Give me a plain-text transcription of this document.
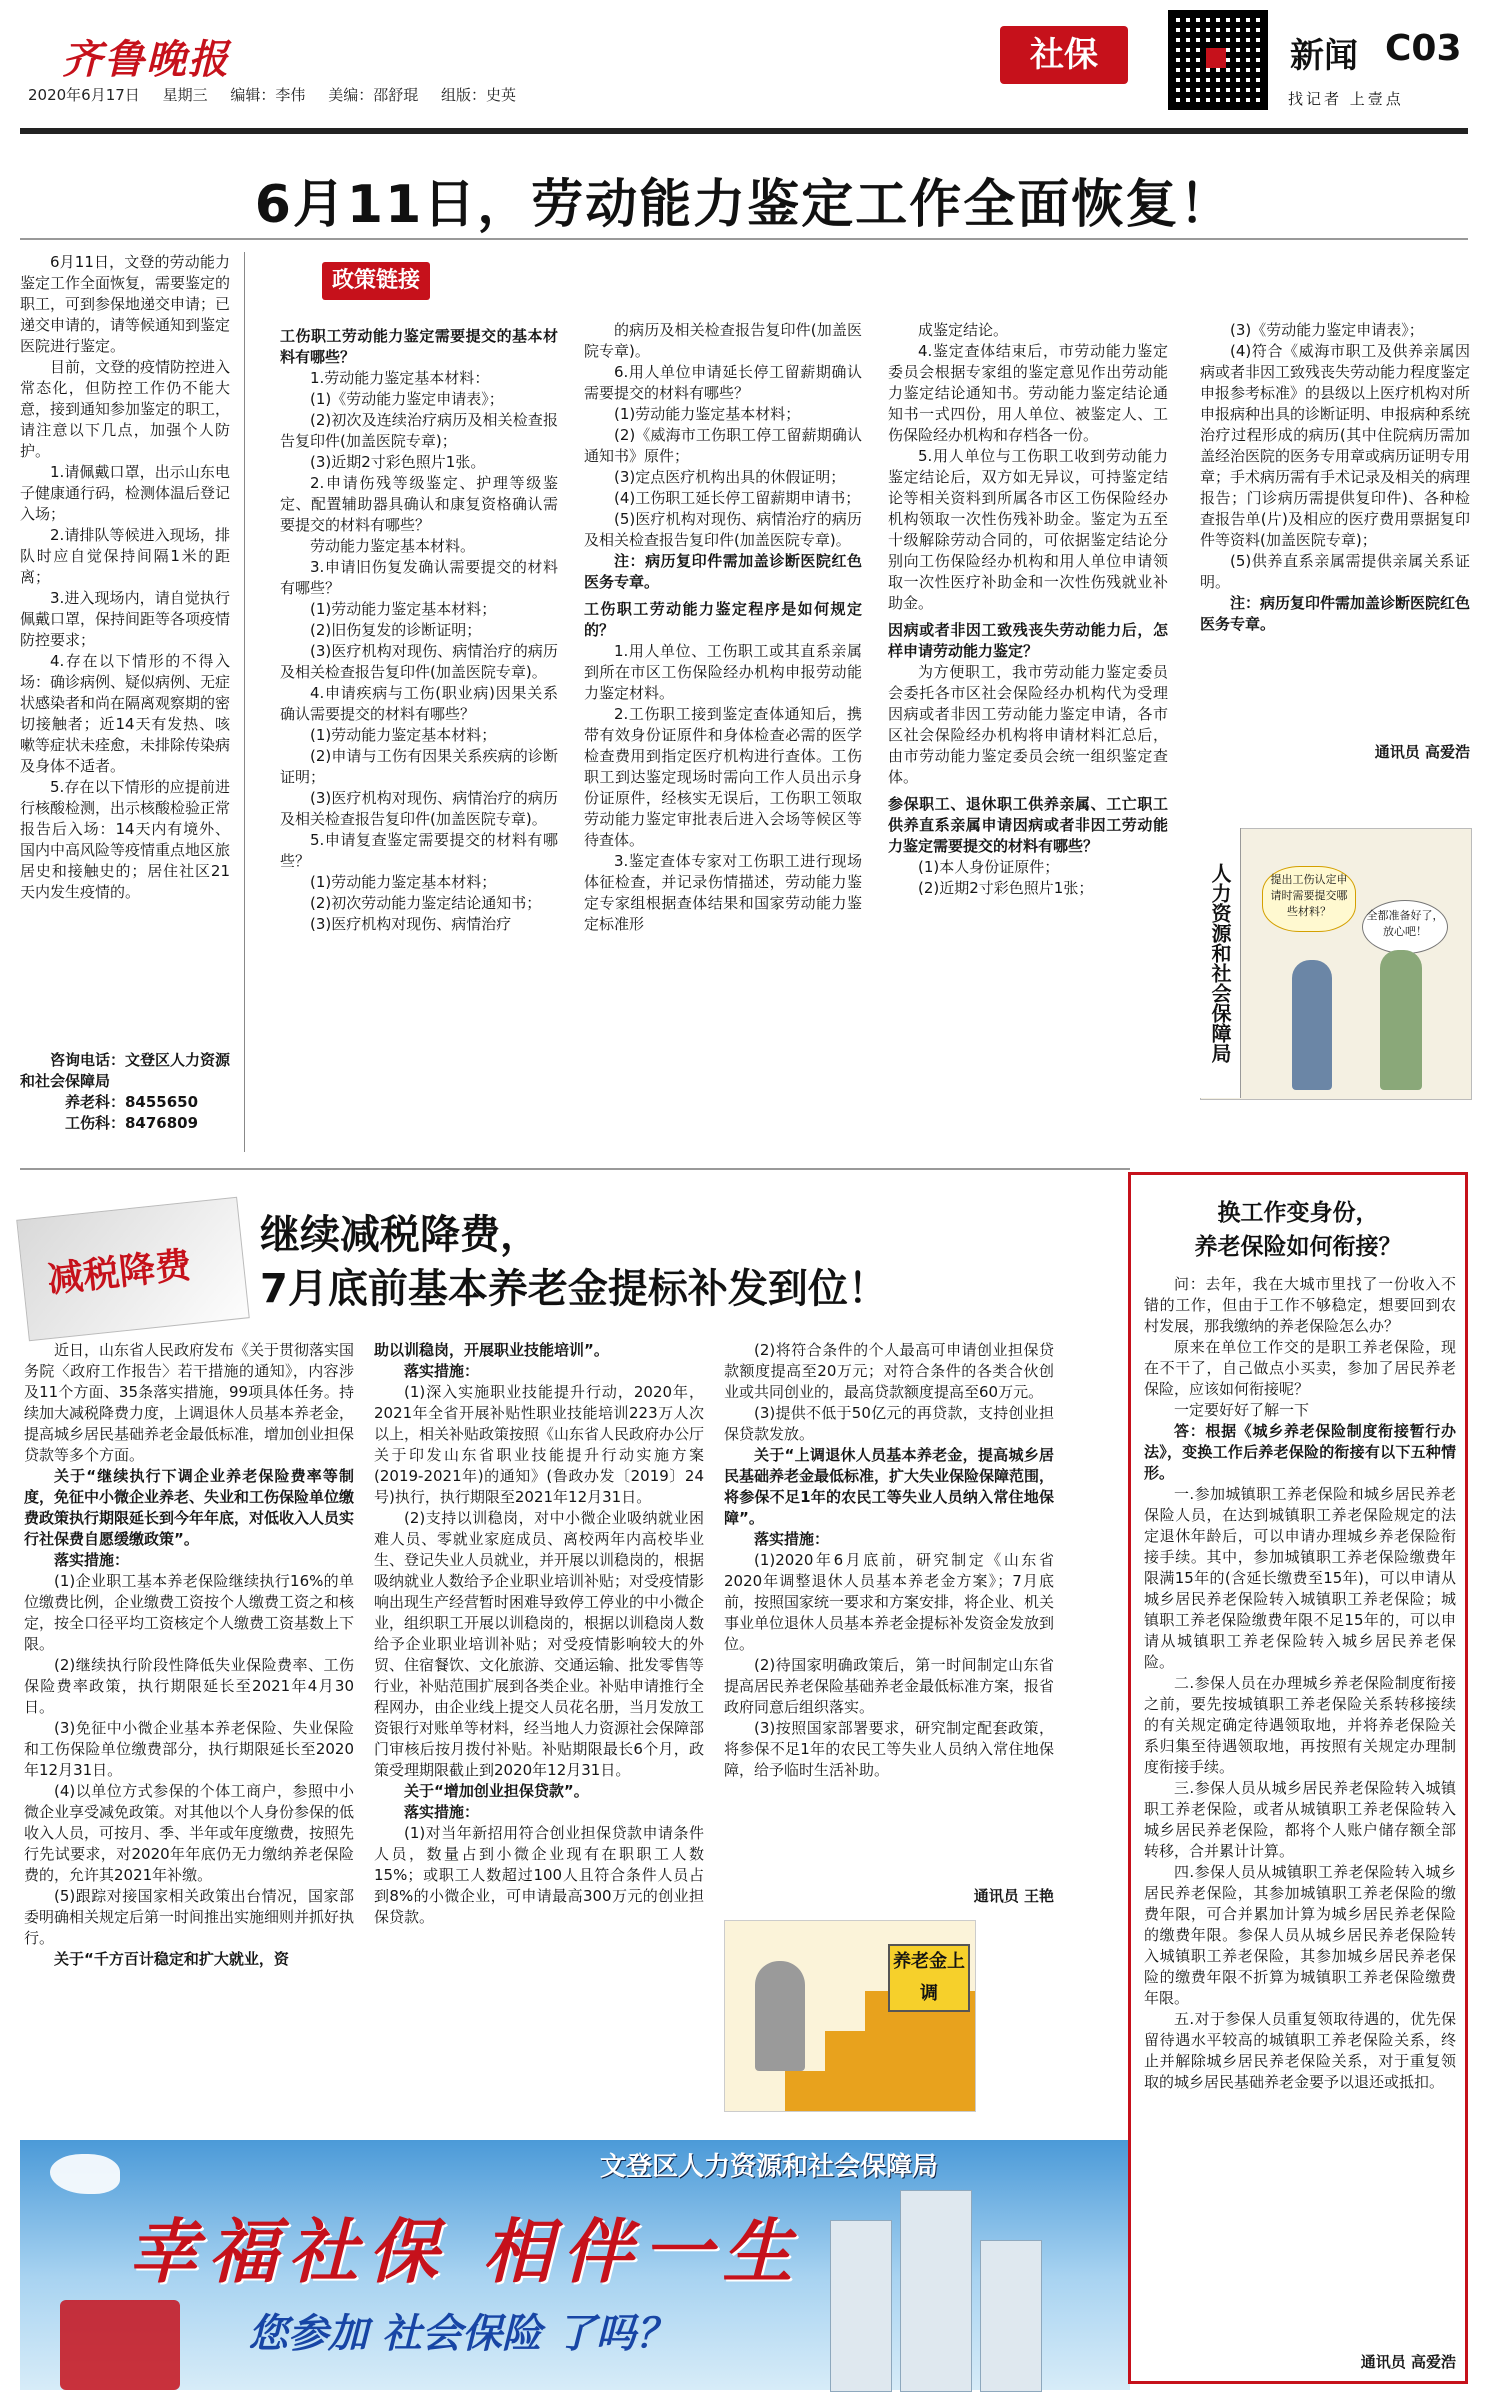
齐鲁晚报
2020年6月17日 星期三 编辑：李伟 美编：邵舒琨 组版：史英
社保	新闻 C03
找记者 上壹点
6月11日，劳动能力鉴定工作全面恢复！

6月11日，文登的劳动能力鉴定工作全面恢复，需要鉴定的职工，可到参保地递交申请；已递交申请的，请等候通知到鉴定医院进行鉴定。

目前，文登的疫情防控进入常态化，但防控工作仍不能大意，接到通知参加鉴定的职工，请注意以下几点，加强个人防护。

1.请佩戴口罩，出示山东电子健康通行码，检测体温后登记入场；

2.请排队等候进入现场，排队时应自觉保持间隔1米的距离；

3.进入现场内，请自觉执行佩戴口罩，保持间距等各项疫情防控要求；

4.存在以下情形的不得入场：确诊病例、疑似病例、无症状感染者和尚在隔离观察期的密切接触者；近14天有发热、咳嗽等症状未痊愈，未排除传染病及身体不适者。

5.存在以下情形的应提前进行核酸检测，出示核酸检验正常报告后入场：14天内有境外、国内中高风险等疫情重点地区旅居史和接触史的；居住社区21天内发生疫情的。

咨询电话：文登区人力资源和社会保障局

养老科：8455650

工伤科：8476809

政策链接

工伤职工劳动能力鉴定需要提交的基本材料有哪些？

1.劳动能力鉴定基本材料：

(1)《劳动能力鉴定申请表》；

(2)初次及连续治疗病历及相关检查报告复印件(加盖医院专章)；

(3)近期2寸彩色照片1张。

2.申请伤残等级鉴定、护理等级鉴定、配置辅助器具确认和康复资格确认需要提交的材料有哪些？

劳动能力鉴定基本材料。

3.申请旧伤复发确认需要提交的材料有哪些？

(1)劳动能力鉴定基本材料；

(2)旧伤复发的诊断证明；

(3)医疗机构对现伤、病情治疗的病历及相关检查报告复印件(加盖医院专章)。

4.申请疾病与工伤(职业病)因果关系确认需要提交的材料有哪些？

(1)劳动能力鉴定基本材料；

(2)申请与工伤有因果关系疾病的诊断证明；

(3)医疗机构对现伤、病情治疗的病历及相关检查报告复印件(加盖医院专章)。

5.申请复查鉴定需要提交的材料有哪些？

(1)劳动能力鉴定基本材料；

(2)初次劳动能力鉴定结论通知书；

(3)医疗机构对现伤、病情治疗

的病历及相关检查报告复印件(加盖医院专章)。

6.用人单位申请延长停工留薪期确认需要提交的材料有哪些？

(1)劳动能力鉴定基本材料；

(2)《威海市工伤职工停工留薪期确认通知书》原件；

(3)定点医疗机构出具的休假证明；

(4)工伤职工延长停工留薪期申请书；

(5)医疗机构对现伤、病情治疗的病历及相关检查报告复印件(加盖医院专章)。

注：病历复印件需加盖诊断医院红色医务专章。

工伤职工劳动能力鉴定程序是如何规定的？

1.用人单位、工伤职工或其直系亲属到所在市区工伤保险经办机构申报劳动能力鉴定材料。

2.工伤职工接到鉴定查体通知后，携带有效身份证原件和身体检查必需的医学检查费用到指定医疗机构进行查体。工伤职工到达鉴定现场时需向工作人员出示身份证原件，经核实无误后，工伤职工领取劳动能力鉴定审批表后进入会场等候区等待查体。

3.鉴定查体专家对工伤职工进行现场体征检查，并记录伤情描述，劳动能力鉴定专家组根据查体结果和国家劳动能力鉴定标准形

成鉴定结论。

4.鉴定查体结束后，市劳动能力鉴定委员会根据专家组的鉴定意见作出劳动能力鉴定结论通知书。劳动能力鉴定结论通知书一式四份，用人单位、被鉴定人、工伤保险经办机构和存档各一份。

5.用人单位与工伤职工收到劳动能力鉴定结论后，双方如无异议，可持鉴定结论等相关资料到所属各市区工伤保险经办机构领取一次性伤残补助金。鉴定为五至十级解除劳动合同的，可依据鉴定结论分别向工伤保险经办机构和用人单位申请领取一次性医疗补助金和一次性伤残就业补助金。

因病或者非因工致残丧失劳动能力后，怎样申请劳动能力鉴定？

为方便职工，我市劳动能力鉴定委员会委托各市区社会保险经办机构代为受理因病或者非因工劳动能力鉴定申请，各市区社会保险经办机构将申请材料汇总后，由市劳动能力鉴定委员会统一组织鉴定查体。

参保职工、退休职工供养亲属、工亡职工供养直系亲属申请因病或者非因工劳动能力鉴定需要提交的材料有哪些？

(1)本人身份证原件；

(2)近期2寸彩色照片1张；

(3)《劳动能力鉴定申请表》；

(4)符合《威海市职工及供养亲属因病或者非因工致残丧失劳动能力程度鉴定申报参考标准》的县级以上医疗机构对所申报病种出具的诊断证明、申报病种系统治疗过程形成的病历(其中住院病历需加盖经治医院的医务专用章或病历证明专用章；手术病历需有手术记录及相关的病理报告；门诊病历需提供复印件)、各种检查报告单(片)及相应的医疗费用票据复印件等资料(加盖医院专章)；

(5)供养直系亲属需提供亲属关系证明。

注：病历复印件需加盖诊断医院红色医务专章。

通讯员 高爱浩

人力资源和社会保障局	提出工伤认定申请时需要提交哪些材料？	全都准备好了，放心吧！
减税降费
继续减税降费，
7月底前基本养老金提标补发到位！

近日，山东省人民政府发布《关于贯彻落实国务院〈政府工作报告〉若干措施的通知》，内容涉及11个方面、35条落实措施，99项具体任务。持续加大减税降费力度，上调退休人员基本养老金，提高城乡居民基础养老金最低标准，增加创业担保贷款等多个方面。

关于“继续执行下调企业养老保险费率等制度，免征中小微企业养老、失业和工伤保险单位缴费政策执行期限延长到今年年底，对低收入人员实行社保费自愿缓缴政策”。

落实措施：

(1)企业职工基本养老保险继续执行16%的单位缴费比例，企业缴费工资按个人缴费工资之和核定，按全口径平均工资核定个人缴费工资基数上下限。

(2)继续执行阶段性降低失业保险费率、工伤保险费率政策，执行期限延长至2021年4月30日。

(3)免征中小微企业基本养老保险、失业保险和工伤保险单位缴费部分，执行期限延长至2020年12月31日。

(4)以单位方式参保的个体工商户，参照中小微企业享受减免政策。对其他以个人身份参保的低收入人员，可按月、季、半年或年度缴费，按照先行先试要求，对2020年年底仍无力缴纳养老保险费的，允许其2021年补缴。

(5)跟踪对接国家相关政策出台情况，国家部委明确相关规定后第一时间推出实施细则并抓好执行。

关于“千方百计稳定和扩大就业，资

助以训稳岗，开展职业技能培训”。

落实措施：

(1)深入实施职业技能提升行动，2020年，2021年全省开展补贴性职业技能培训223万人次以上，相关补贴政策按照《山东省人民政府办公厅关于印发山东省职业技能提升行动实施方案(2019-2021年)的通知》(鲁政办发〔2019〕24号)执行，执行期限至2021年12月31日。

(2)支持以训稳岗，对中小微企业吸纳就业困难人员、零就业家庭成员、离校两年内高校毕业生、登记失业人员就业，并开展以训稳岗的，根据吸纳就业人数给予企业职业培训补贴；对受疫情影响出现生产经营暂时困难导致停工停业的中小微企业，组织职工开展以训稳岗的，根据以训稳岗人数给予企业职业培训补贴；对受疫情影响较大的外贸、住宿餐饮、文化旅游、交通运输、批发零售等行业，补贴范围扩展到各类企业。补贴申请推行全程网办，由企业线上提交人员花名册，当月发放工资银行对账单等材料，经当地人力资源社会保障部门审核后按月拨付补贴。补贴期限最长6个月，政策受理期限截止到2020年12月31日。

关于“增加创业担保贷款”。

落实措施：

(1)对当年新招用符合创业担保贷款申请条件人员，数量占到小微企业现有在职职工人数15%；或职工人数超过100人且符合条件人员占到8%的小微企业，可申请最高300万元的创业担保贷款。

(2)将符合条件的个人最高可申请创业担保贷款额度提高至20万元；对符合条件的各类合伙创业或共同创业的，最高贷款额度提高至60万元。

(3)提供不低于50亿元的再贷款，支持创业担保贷款发放。

关于“上调退休人员基本养老金，提高城乡居民基础养老金最低标准，扩大失业保险保障范围，将参保不足1年的农民工等失业人员纳入常住地保障”。

落实措施：

(1)2020年6月底前，研究制定《山东省2020年调整退休人员基本养老金方案》；7月底前，按照国家统一要求和方案安排，将企业、机关事业单位退休人员基本养老金提标补发资金发放到位。

(2)待国家明确政策后，第一时间制定山东省提高居民养老保险基础养老金最低标准方案，报省政府同意后组织落实。

(3)按照国家部署要求，研究制定配套政策，将参保不足1年的农民工等失业人员纳入常住地保障，给予临时生活补助。

通讯员 王艳

养老金上调
文登区人力资源和社会保障局
幸福社保 相伴一生
您参加 社会保险 了吗？
换工作变身份，
养老保险如何衔接？

问：去年，我在大城市里找了一份收入不错的工作，但由于工作不够稳定，想要回到农村发展，那我缴纳的养老保险怎么办？

原来在单位工作交的是职工养老保险，现在不干了，自己做点小买卖，参加了居民养老保险，应该如何衔接呢？

一定要好好了解一下

答：根据《城乡养老保险制度衔接暂行办法》，变换工作后养老保险的衔接有以下五种情形。

一.参加城镇职工养老保险和城乡居民养老保险人员，在达到城镇职工养老保险规定的法定退休年龄后，可以申请办理城乡养老保险衔接手续。其中，参加城镇职工养老保险缴费年限满15年的(含延长缴费至15年)，可以申请从城乡居民养老保险转入城镇职工养老保险；城镇职工养老保险缴费年限不足15年的，可以申请从城镇职工养老保险转入城乡居民养老保险。

二.参保人员在办理城乡养老保险制度衔接之前，要先按城镇职工养老保险关系转移接续的有关规定确定待遇领取地，并将养老保险关系归集至待遇领取地，再按照有关规定办理制度衔接手续。

三.参保人员从城乡居民养老保险转入城镇职工养老保险，或者从城镇职工养老保险转入城乡居民养老保险，都将个人账户储存额全部转移，合并累计计算。

四.参保人员从城镇职工养老保险转入城乡居民养老保险，其参加城镇职工养老保险的缴费年限，可合并累加计算为城乡居民养老保险的缴费年限。参保人员从城乡居民养老保险转入城镇职工养老保险，其参加城乡居民养老保险的缴费年限不折算为城镇职工养老保险缴费年限。

五.对于参保人员重复领取待遇的，优先保留待遇水平较高的城镇职工养老保险关系，终止并解除城乡居民养老保险关系，对于重复领取的城乡居民基础养老金要予以退还或抵扣。

通讯员 高爱浩
